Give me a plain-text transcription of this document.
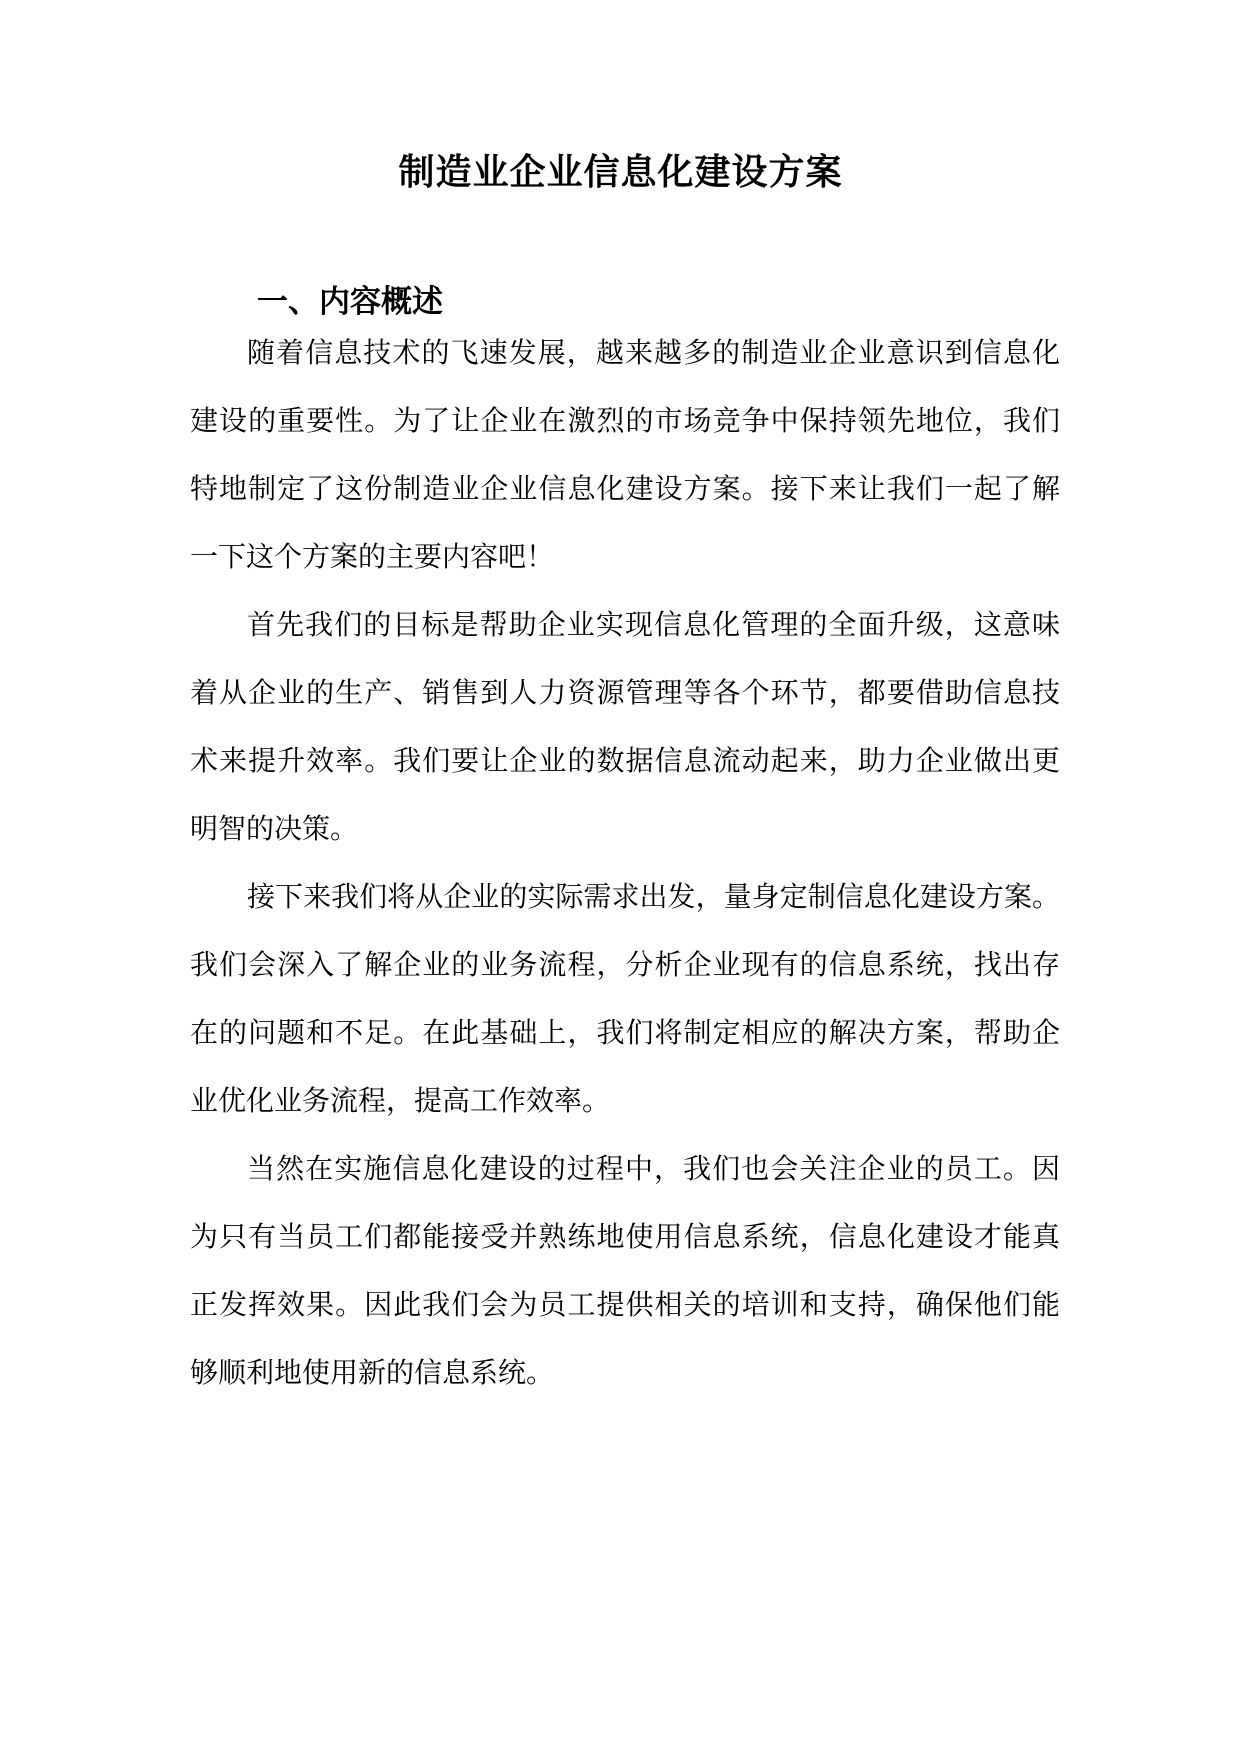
制造业企业信息化建设方案
一、内容概述
随着信息技术的飞速发展，越来越多的制造业企业意识到信息化
建设的重要性。为了让企业在激烈的市场竞争中保持领先地位，我们
特地制定了这份制造业企业信息化建设方案。接下来让我们一起了解
一下这个方案的主要内容吧！
首先我们的目标是帮助企业实现信息化管理的全面升级，这意味
着从企业的生产、销售到人力资源管理等各个环节，都要借助信息技
术来提升效率。我们要让企业的数据信息流动起来，助力企业做出更
明智的决策。
接下来我们将从企业的实际需求出发，量身定制信息化建设方案。
我们会深入了解企业的业务流程，分析企业现有的信息系统，找出存
在的问题和不足。在此基础上，我们将制定相应的解决方案，帮助企
业优化业务流程，提高工作效率。
当然在实施信息化建设的过程中，我们也会关注企业的员工。因
为只有当员工们都能接受并熟练地使用信息系统，信息化建设才能真
正发挥效果。因此我们会为员工提供相关的培训和支持，确保他们能
够顺利地使用新的信息系统。
